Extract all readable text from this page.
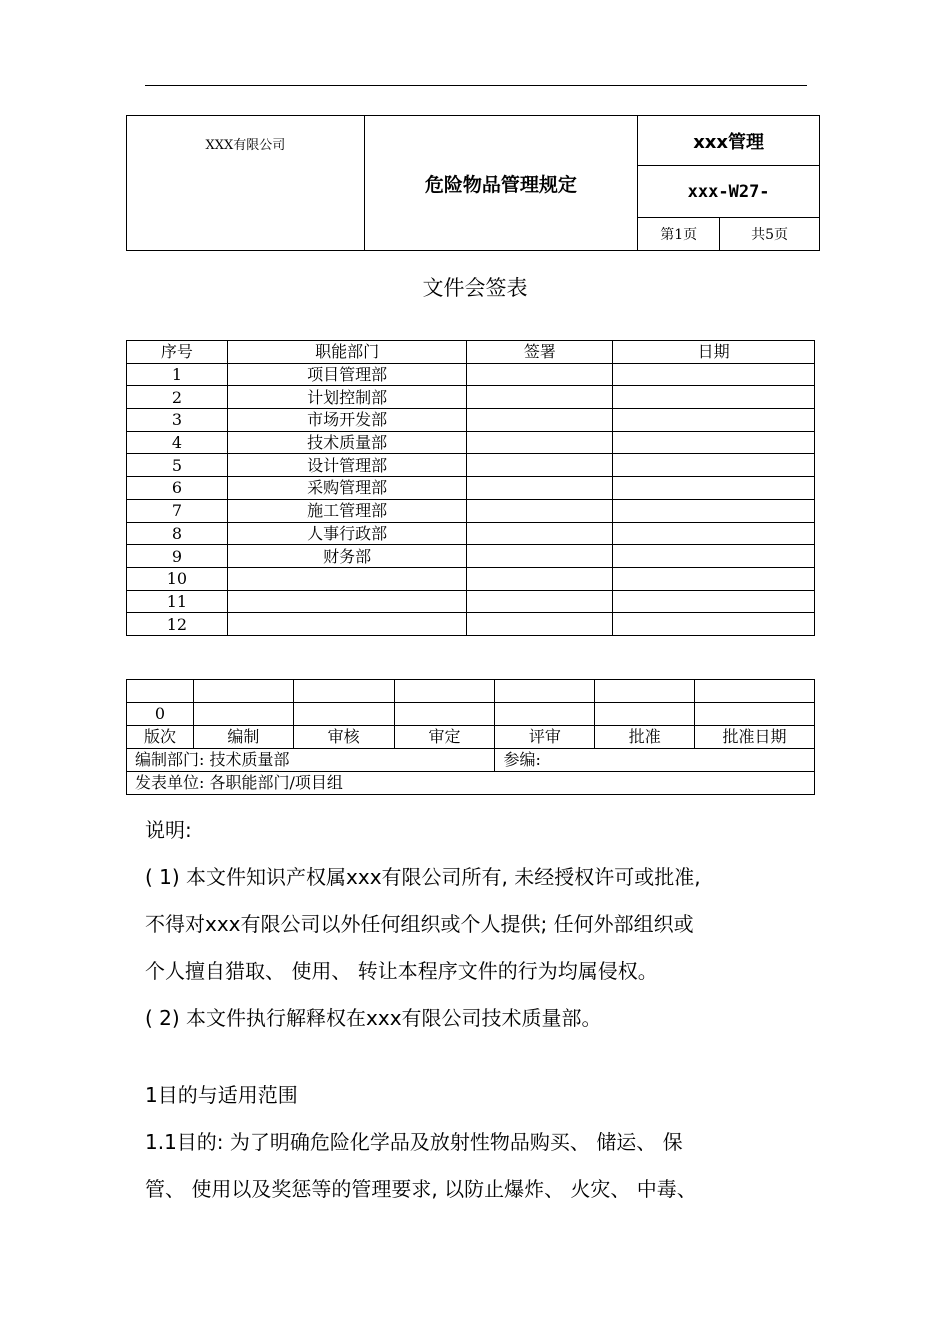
XXX有限公司	危险物品管理规定	xxx管理	
		xxx-W27-	
		第1页	共5页
文件会签表
序号	职能部门	签署	日期
1	项目管理部		
2	计划控制部		
3	市场开发部		
4	技术质量部		
5	设计管理部		
6	采购管理部		
7	施工管理部		
8	人事行政部		
9	财务部		
10			
11			
12			

0						
版次	编制	审核	审定	评审	批准	批准日期
编制部门: 技术质量部				参编:		
发表单位: 各职能部门/项目组						
说明:
( 1) 本文件知识产权属xxx有限公司所有, 未经授权许可或批准,
不得对xxx有限公司以外任何组织或个人提供; 任何外部组织或
个人擅自猎取、 使用、 转让本程序文件的行为均属侵权。
( 2) 本文件执行解释权在xxx有限公司技术质量部。
1目的与适用范围
1.1目的: 为了明确危险化学品及放射性物品购买、 储运、 保
管、 使用以及奖惩等的管理要求, 以防止爆炸、 火灾、 中毒、
